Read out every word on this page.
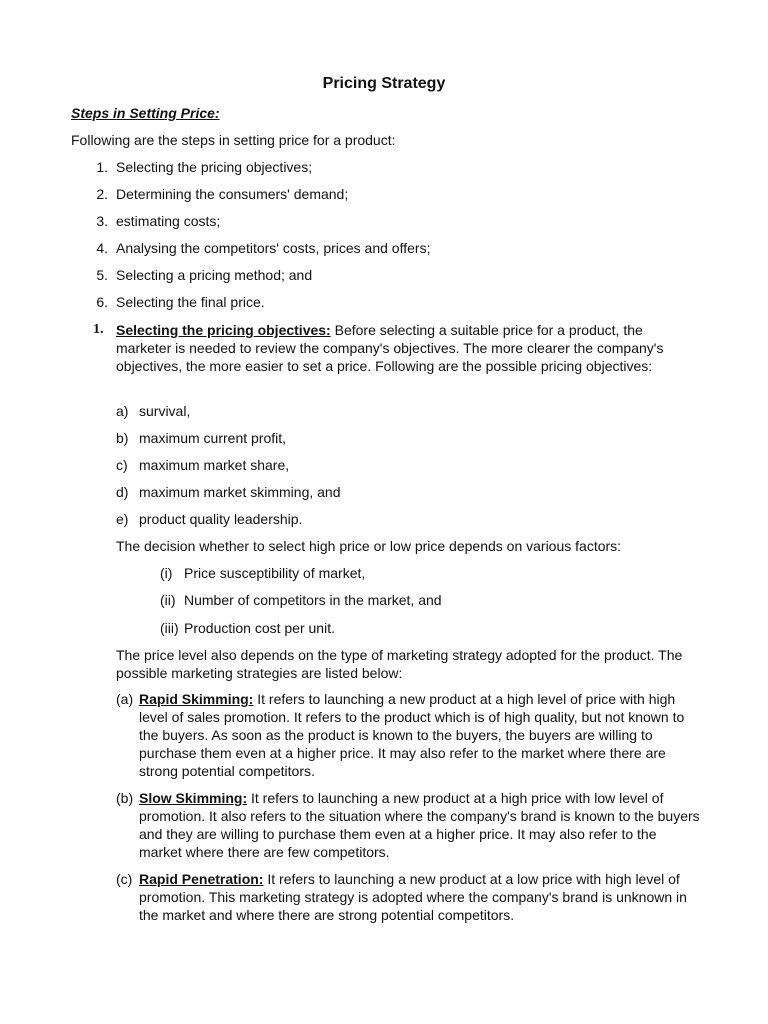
Pricing Strategy
Steps in Setting Price:
Following are the steps in setting price for a product:
1. Selecting the pricing objectives;
2. Determining the consumers' demand;
3. estimating costs;
4. Analysing the competitors' costs, prices and offers;
5. Selecting a pricing method; and
6. Selecting the final price.
1. Selecting the pricing objectives: Before selecting a suitable price for a product, the marketer is needed to review the company's objectives. The more clearer the company's objectives, the more easier to set a price. Following are the possible pricing objectives:
a) survival,
b) maximum current profit,
c) maximum market share,
d) maximum market skimming, and
e) product quality leadership.
The decision whether to select high price or low price depends on various factors:
(i) Price susceptibility of market,
(ii) Number of competitors in the market, and
(iii) Production cost per unit.
The price level also depends on the type of marketing strategy adopted for the product. The possible marketing strategies are listed below:
(a) Rapid Skimming: It refers to launching a new product at a high level of price with high level of sales promotion. It refers to the product which is of high quality, but not known to the buyers. As soon as the product is known to the buyers, the buyers are willing to purchase them even at a higher price. It may also refer to the market where there are strong potential competitors.
(b) Slow Skimming: It refers to launching a new product at a high price with low level of promotion. It also refers to the situation where the company's brand is known to the buyers and they are willing to purchase them even at a higher price. It may also refer to the market where there are few competitors.
(c) Rapid Penetration: It refers to launching a new product at a low price with high level of promotion. This marketing strategy is adopted where the company's brand is unknown in the market and where there are strong potential competitors.
